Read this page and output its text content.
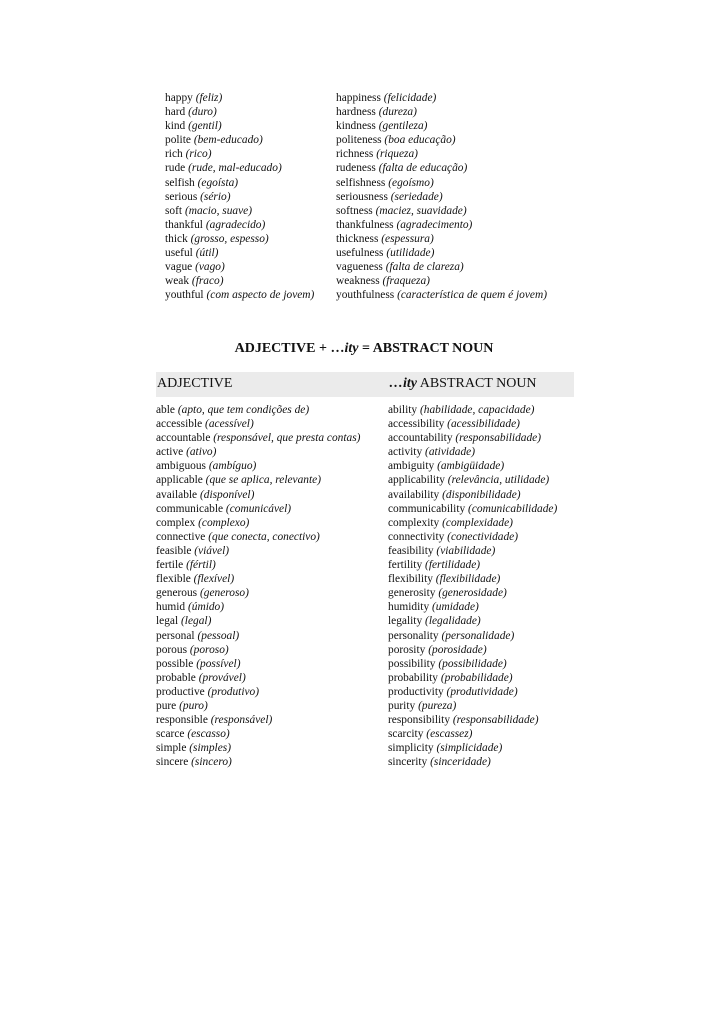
happy (feliz)	happiness (felicidade)
hard (duro)	hardness (dureza)
kind (gentil)	kindness (gentileza)
polite (bem-educado)	politeness (boa educação)
rich (rico)	richness (riqueza)
rude (rude, mal-educado)	rudeness (falta de educação)
selfish (egoísta)	selfishness (egoísmo)
serious (sério)	seriousness (seriedade)
soft (macio, suave)	softness (maciez, suavidade)
thankful (agradecido)	thankfulness (agradecimento)
thick (grosso, espesso)	thickness (espessura)
useful (útil)	usefulness (utilidade)
vague (vago)	vagueness (falta de clareza)
weak (fraco)	weakness (fraqueza)
youthful (com aspecto de jovem)	youthfulness (característica de quem é jovem)
ADJECTIVE + …ity = ABSTRACT NOUN
ADJECTIVE	…ity ABSTRACT NOUN
able (apto, que tem condições de)	ability (habilidade, capacidade)
accessible (acessível)	accessibility (acessibilidade)
accountable (responsável, que presta contas)	accountability (responsabilidade)
active (ativo)	activity (atividade)
ambiguous (ambíguo)	ambiguity (ambigüidade)
applicable (que se aplica, relevante)	applicability (relevância, utilidade)
available (disponível)	availability (disponibilidade)
communicable (comunicável)	communicability (comunicabilidade)
complex (complexo)	complexity (complexidade)
connective (que conecta, conectivo)	connectivity (conectividade)
feasible (viável)	feasibility (viabilidade)
fertile (fértil)	fertility (fertilidade)
flexible (flexível)	flexibility (flexibilidade)
generous (generoso)	generosity (generosidade)
humid (úmido)	humidity (umidade)
legal (legal)	legality (legalidade)
personal (pessoal)	personality (personalidade)
porous (poroso)	porosity (porosidade)
possible (possível)	possibility (possibilidade)
probable (provável)	probability (probabilidade)
productive (produtivo)	productivity (produtividade)
pure (puro)	purity (pureza)
responsible (responsável)	responsibility (responsabilidade)
scarce (escasso)	scarcity (escassez)
simple (simples)	simplicity (simplicidade)
sincere (sincero)	sincerity (sinceridade)
